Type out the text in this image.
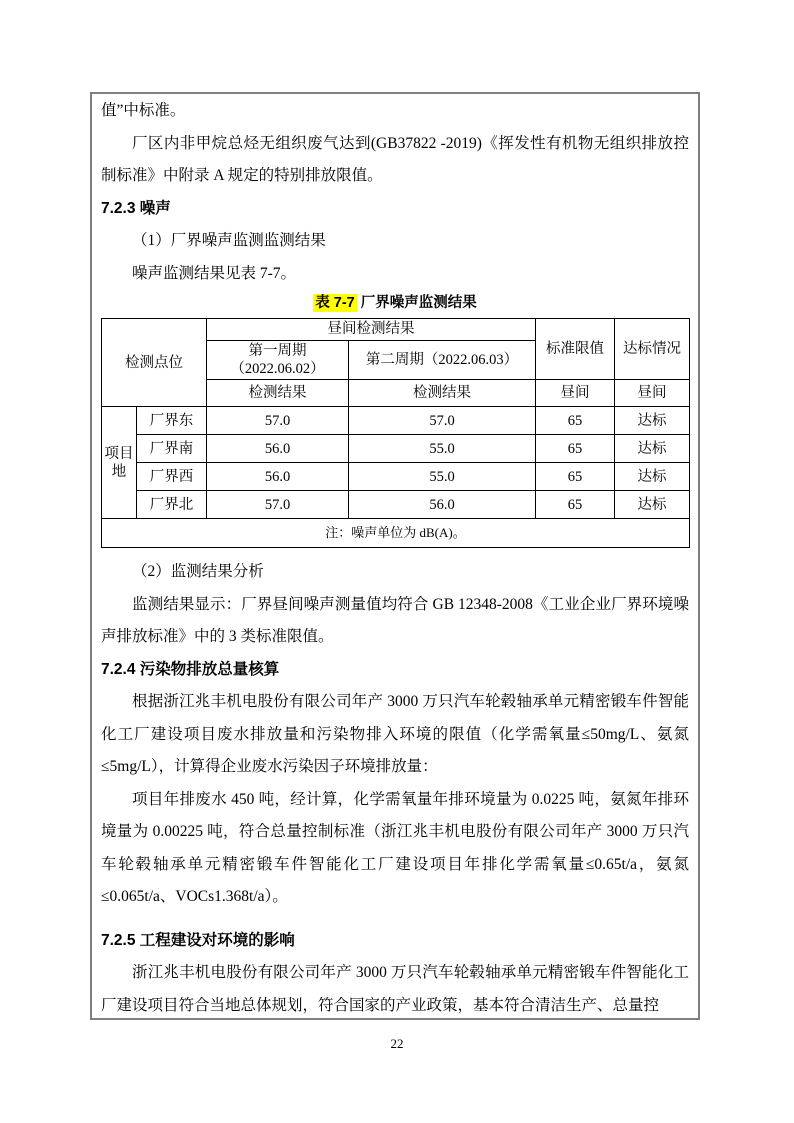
值”中标准。

厂区内非甲烷总烃无组织废气达到(GB37822 -2019)《挥发性有机物无组织排放控制标准》中附录 A 规定的特别排放限值。

7.2.3 噪声

（1）厂界噪声监测监测结果

噪声监测结果见表 7-7。

表 7-7 厂界噪声监测结果
检测点位		昼间检测结果		标准限值	达标情况
		第一周期（2022.06.02）	第二周期（2022.06.03）		
		检测结果	检测结果	昼间	昼间
项目地	厂界东	57.0	57.0	65	达标
	厂界南	56.0	55.0	65	达标
	厂界西	56.0	55.0	65	达标
	厂界北	57.0	56.0	65	达标
注：噪声单位为 dB(A)。					

（2）监测结果分析

监测结果显示：厂界昼间噪声测量值均符合 GB 12348-2008《工业企业厂界环境噪声排放标准》中的 3 类标准限值。

7.2.4 污染物排放总量核算

根据浙江兆丰机电股份有限公司年产 3000 万只汽车轮毂轴承单元精密锻车件智能化工厂建设项目废水排放量和污染物排入环境的限值（化学需氧量≤50mg/L、氨氮≤5mg/L），计算得企业废水污染因子环境排放量：

项目年排废水 450 吨，经计算，化学需氧量年排环境量为 0.0225 吨，氨氮年排环境量为 0.00225 吨，符合总量控制标准（浙江兆丰机电股份有限公司年产 3000 万只汽车轮毂轴承单元精密锻车件智能化工厂建设项目年排化学需氧量≤0.65t/a，氨氮≤0.065t/a、VOCs1.368t/a）。

7.2.5 工程建设对环境的影响

浙江兆丰机电股份有限公司年产 3000 万只汽车轮毂轴承单元精密锻车件智能化工厂建设项目符合当地总体规划，符合国家的产业政策，基本符合清洁生产、总量控

22
